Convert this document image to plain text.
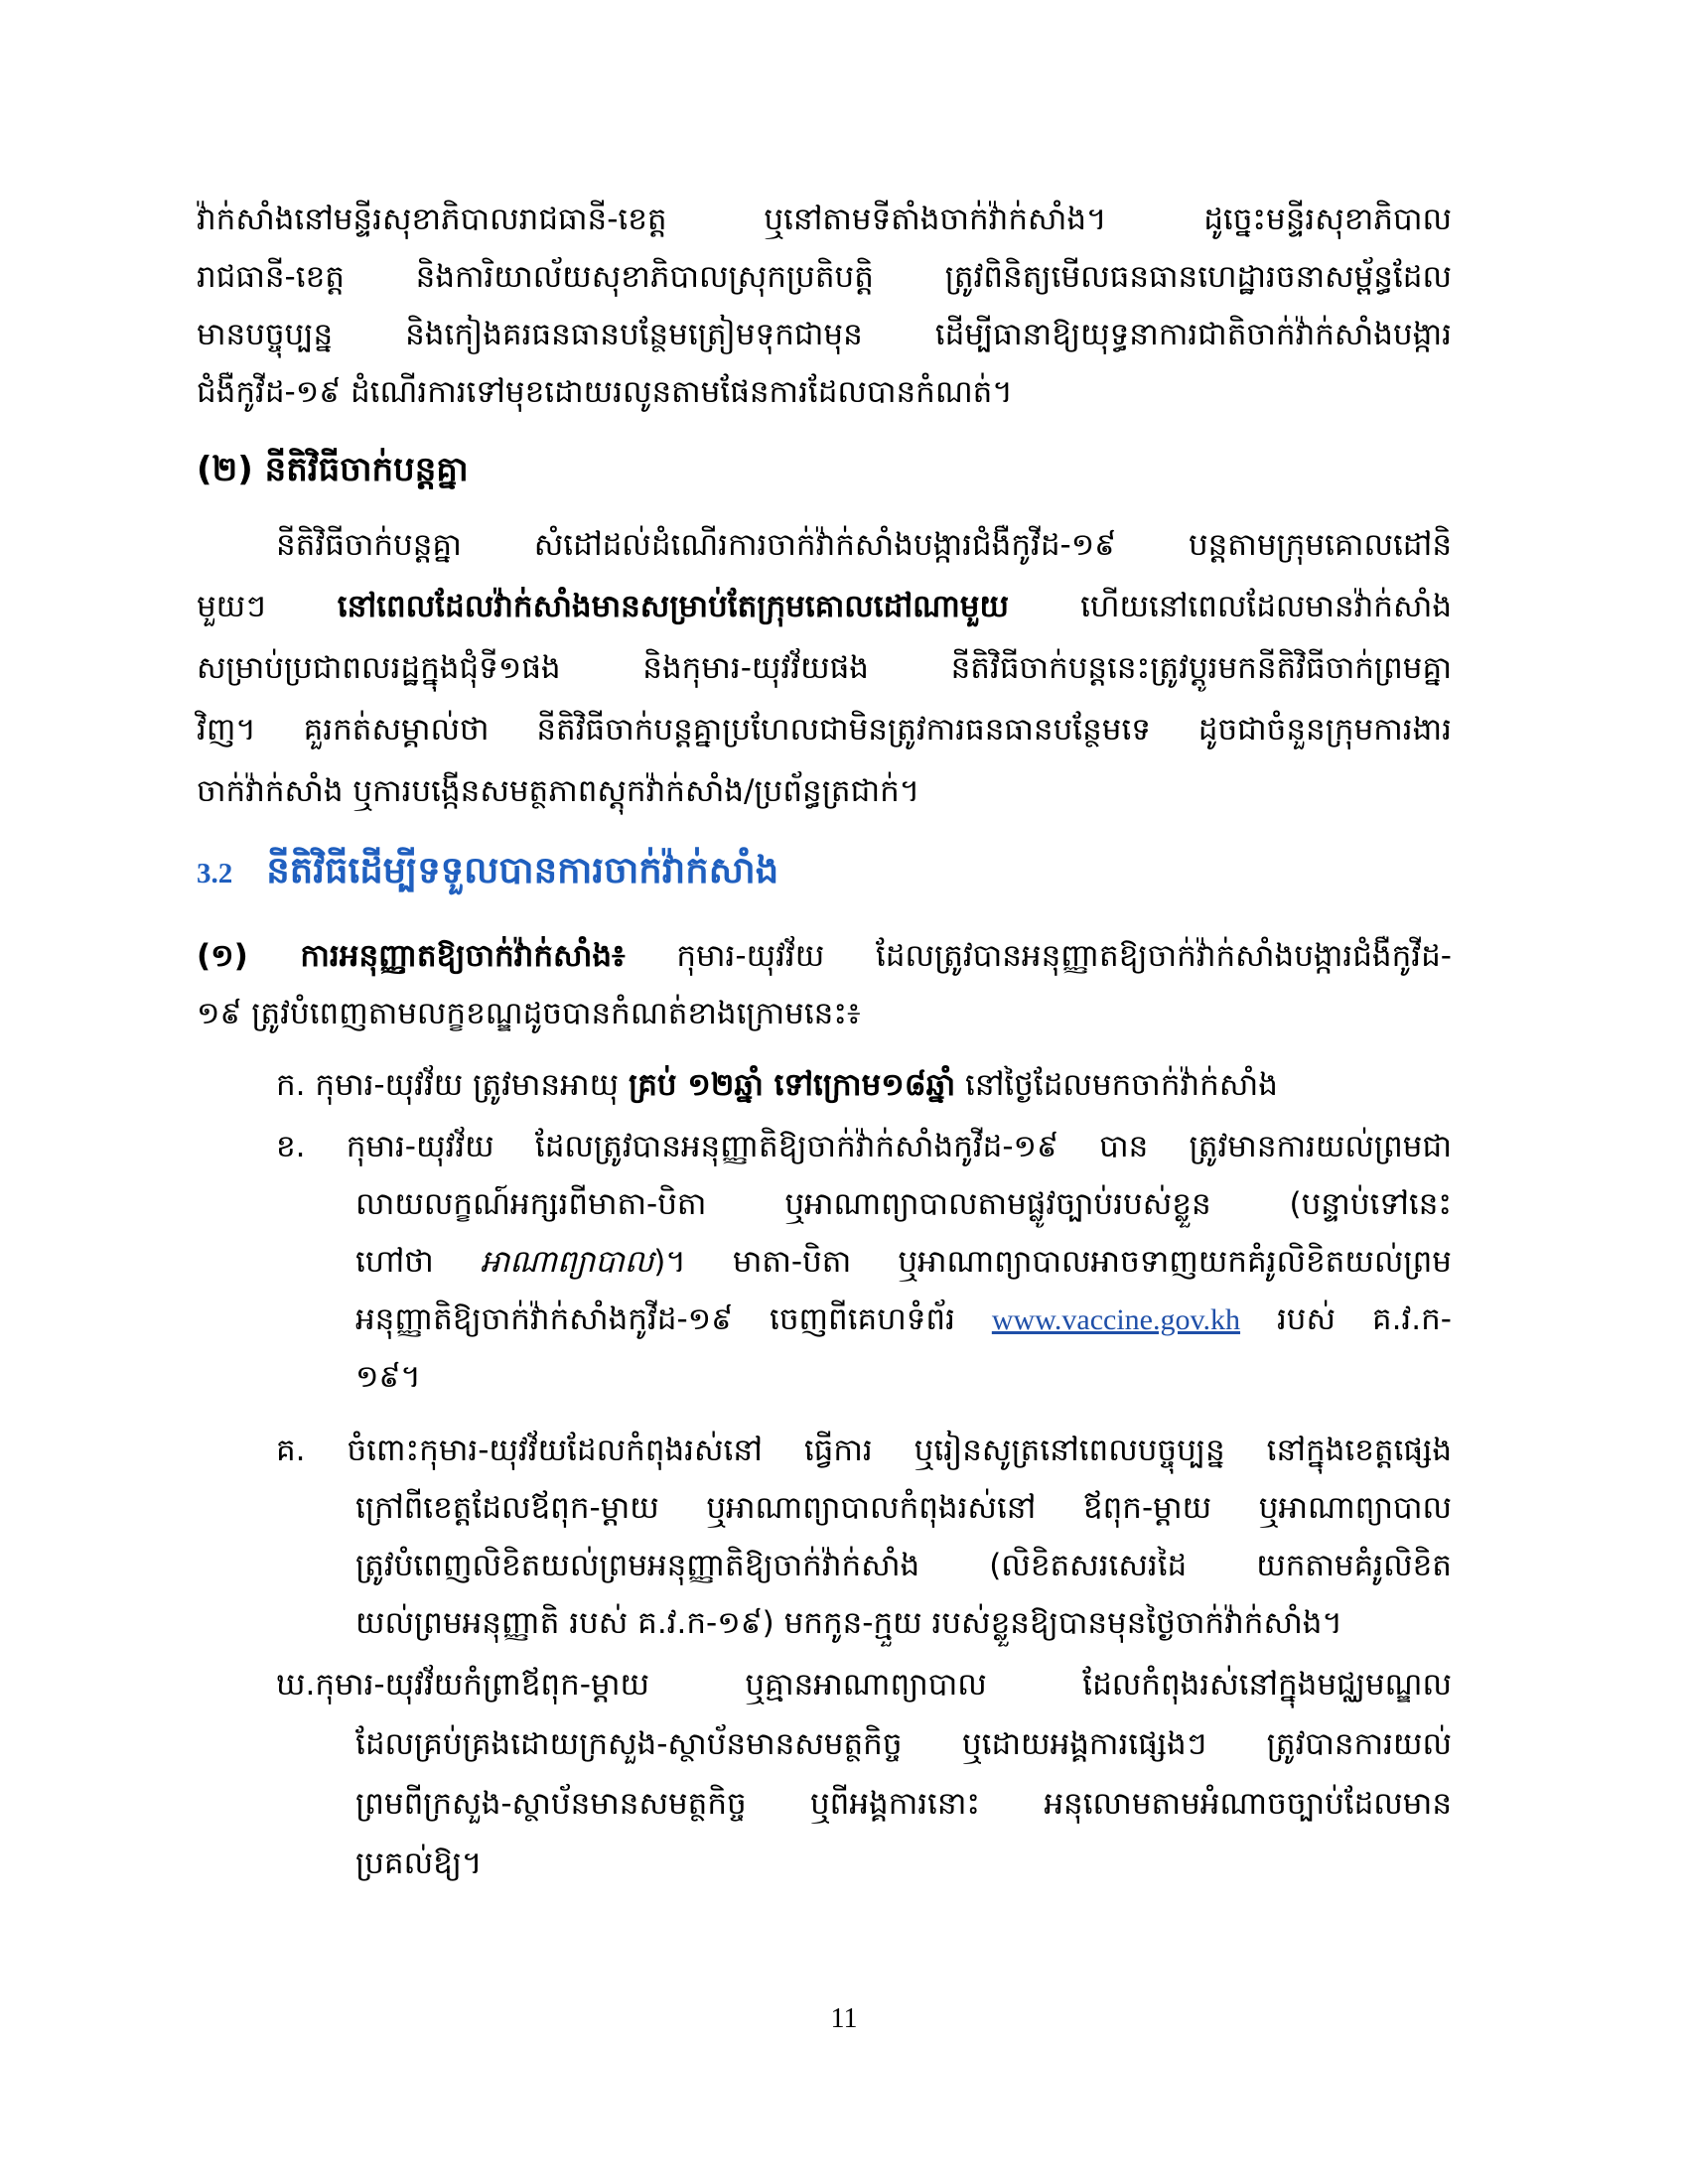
វ៉ាក់សាំងនៅមន្ទីរសុខាភិបាលរាជធានី-ខេត្ត ឬនៅតាមទីតាំងចាក់វ៉ាក់សាំង។ ដូច្នេះមន្ទីរសុខាភិបាល

រាជធានី-ខេត្ត និងការិយាល័យសុខាភិបាលស្រុកប្រតិបត្តិ ត្រូវពិនិត្យមើលធនធានហេដ្ឋារចនាសម្ព័ន្ធដែល

មានបច្ចុប្បន្ន និងកៀងគរធនធានបន្ថែមត្រៀមទុកជាមុន ដើម្បីធានាឱ្យយុទ្ធនាការជាតិចាក់វ៉ាក់សាំងបង្ការ

ជំងឺកូវីដ-១៩ ដំណើរការទៅមុខដោយរលូនតាមផែនការដែលបានកំណត់។

(២) នីតិវិធីចាក់បន្តគ្នា

នីតិវិធីចាក់បន្តគ្នា សំដៅដល់ដំណើរការចាក់វ៉ាក់សាំងបង្ការជំងឺកូវីដ-១៩ បន្តតាមក្រុមគោលដៅនិ

មួយៗ នៅពេលដែលវ៉ាក់សាំងមានសម្រាប់តែក្រុមគោលដៅណាមួយ ហើយនៅពេលដែលមានវ៉ាក់សាំង

សម្រាប់ប្រជាពលរដ្ឋក្នុងជុំទី១ផង និងកុមារ-យុវវ័យផង នីតិវិធីចាក់បន្តនេះត្រូវប្តូរមកនីតិវិធីចាក់ព្រមគ្នា

វិញ។ គួរកត់សម្គាល់ថា នីតិវិធីចាក់បន្តគ្នាប្រហែលជាមិនត្រូវការធនធានបន្ថែមទេ ដូចជាចំនួនក្រុមការងារ

ចាក់វ៉ាក់សាំង ឬការបង្កើនសមត្ថភាពស្តុកវ៉ាក់សាំង/ប្រព័ន្ធត្រជាក់។

3.2 នីតិវិធីដើម្បីទទួលបានការចាក់វ៉ាក់សាំង

(១) ការអនុញ្ញាតឱ្យចាក់វ៉ាក់សាំង៖ កុមារ-យុវវ័យ ដែលត្រូវបានអនុញ្ញាតឱ្យចាក់វ៉ាក់សាំងបង្ការជំងឺកូវីដ-

១៩ ត្រូវបំពេញតាមលក្ខខណ្ឌដូចបានកំណត់ខាងក្រោមនេះ៖

ក. កុមារ-យុវវ័យ ត្រូវមានអាយុ គ្រប់ ១២ឆ្នាំ ទៅក្រោម១៨ឆ្នាំ នៅថ្ងៃដែលមកចាក់វ៉ាក់សាំង

ខ. កុមារ-យុវវ័យ ដែលត្រូវបានអនុញ្ញាតិឱ្យចាក់វ៉ាក់សាំងកូវីដ-១៩ បាន ត្រូវមានការយល់ព្រមជា

លាយលក្ខណ៍អក្សរពីមាតា-បិតា ឬអាណាព្យាបាលតាមផ្លូវច្បាប់របស់ខ្លួន (បន្ទាប់ទៅនេះ

ហៅថា អាណាព្យាបាល)។ មាតា-បិតា ឬអាណាព្យាបាលអាចទាញយកគំរូលិខិតយល់ព្រម

អនុញ្ញាតិឱ្យចាក់វ៉ាក់សាំងកូវីដ-១៩ ចេញពីគេហទំព័រ www.vaccine.gov.kh របស់ គ.វ.ក-

១៩។

គ. ចំពោះកុមារ-យុវវ័យដែលកំពុងរស់នៅ ធ្វើការ ឬរៀនសូត្រនៅពេលបច្ចុប្បន្ន នៅក្នុងខេត្តផ្សេង

ក្រៅពីខេត្តដែលឪពុក-ម្តាយ ឬអាណាព្យាបាលកំពុងរស់នៅ ឪពុក-ម្តាយ ឬអាណាព្យាបាល

ត្រូវបំពេញលិខិតយល់ព្រមអនុញ្ញាតិឱ្យចាក់វ៉ាក់សាំង (លិខិតសរសេរដៃ យកតាមគំរូលិខិត

យល់ព្រមអនុញ្ញាតិ របស់ គ.វ.ក-១៩) មកកូន-ក្មួយ របស់ខ្លួនឱ្យបានមុនថ្ងៃចាក់វ៉ាក់សាំង។

ឃ.កុមារ-យុវវ័យកំព្រាឪពុក-ម្តាយ ឬគ្មានអាណាព្យាបាល ដែលកំពុងរស់នៅក្នុងមជ្ឈមណ្ឌល

ដែលគ្រប់គ្រងដោយក្រសួង-ស្ថាប័នមានសមត្ថកិច្ច ឬដោយអង្គការផ្សេងៗ ត្រូវបានការយល់

ព្រមពីក្រសួង-ស្ថាប័នមានសមត្ថកិច្ច ឬពីអង្គការនោះ អនុលោមតាមអំណាចច្បាប់ដែលមាន

ប្រគល់ឱ្យ។

11
